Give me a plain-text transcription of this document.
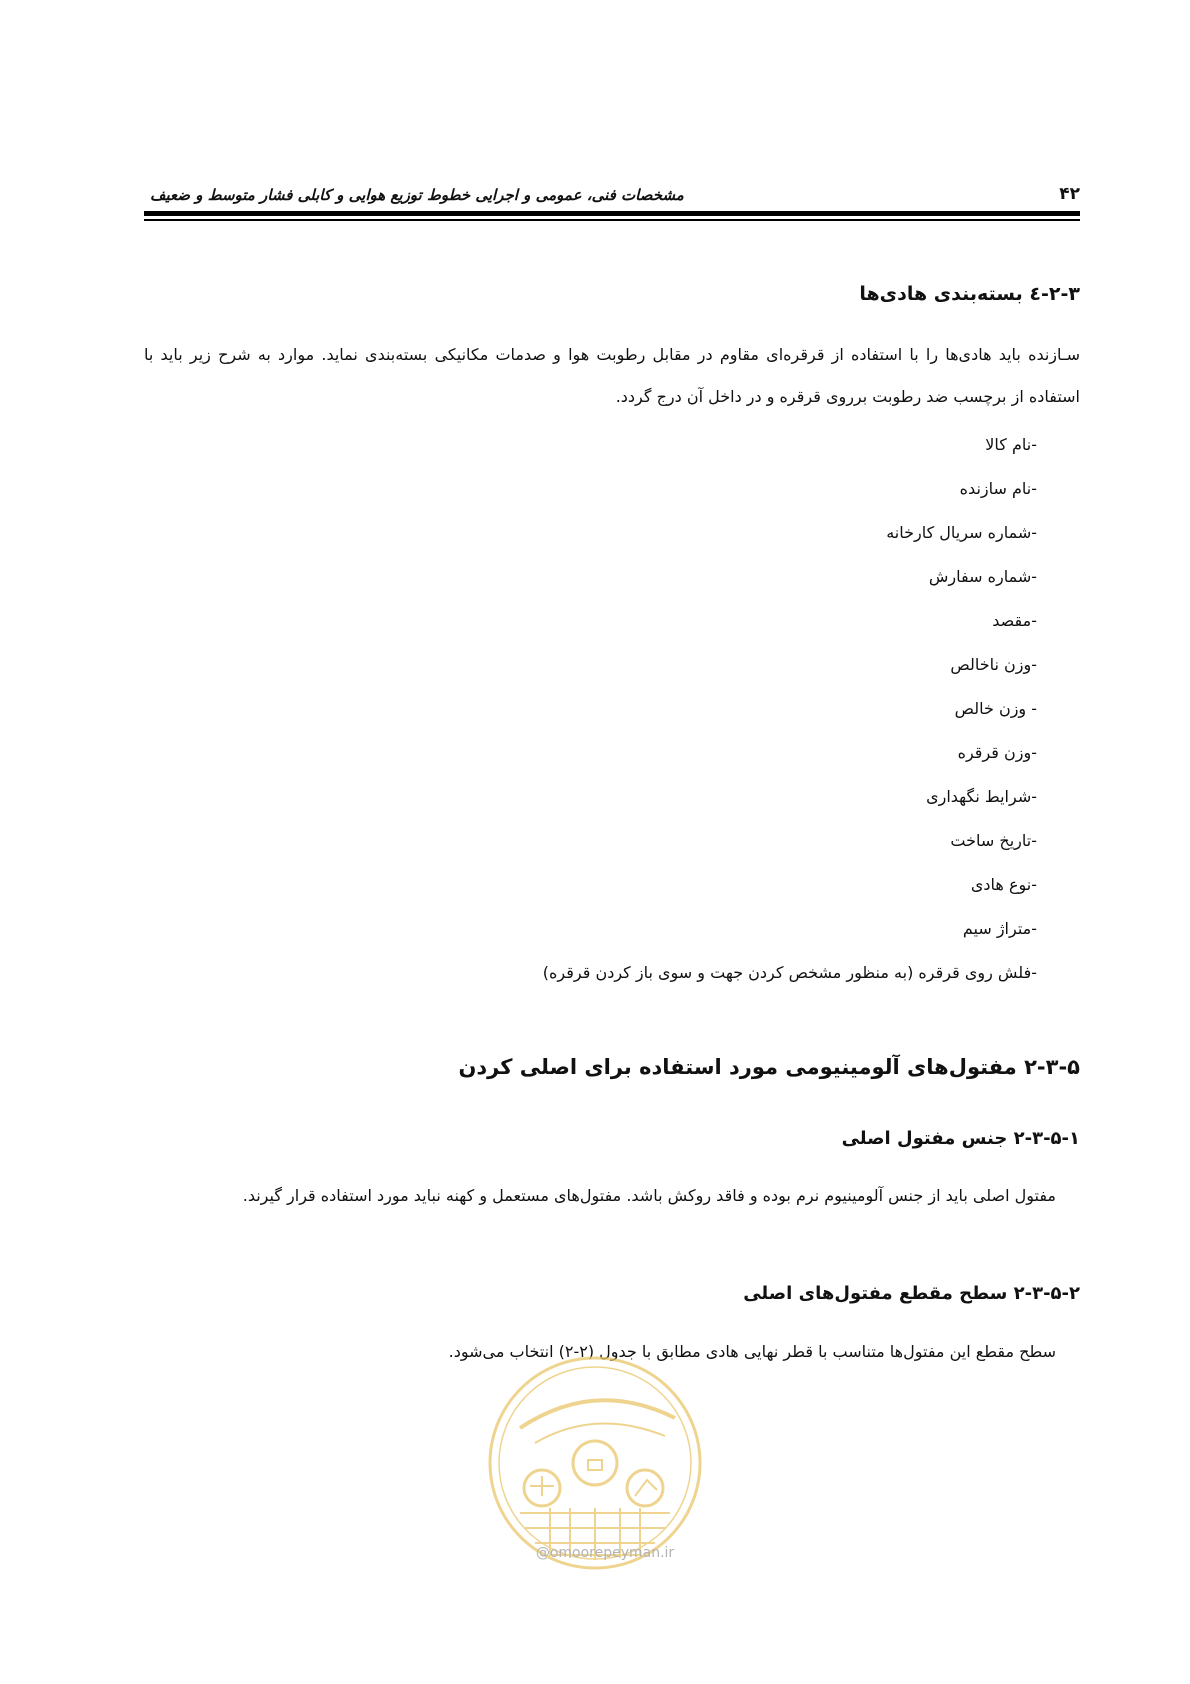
مشخصات فنی، عمومی و اجرایی خطوط توزیع هوایی و کابلی فشار متوسط و ضعیف	۴۲
۲-۳-٤ بسته‌بندی هادی‌ها
سـازنده باید هادی‌ها را با استفاده از قرقره‌ای مقاوم در مقابل رطوبت هوا و صدمات مکانیکی بسته‌بندی نماید. موارد به شرح زیر باید با استفاده از برچسب ضد رطوبت برروی قرقره و در داخل آن درج گردد.
-نام کالا
-نام سازنده
-شماره سریال کارخانه
-شماره سفارش
-مقصد
-وزن ناخالص
- وزن خالص
-وزن قرقره
-شرایط نگهداری
-تاریخ ساخت
-نوع هادی
-متراژ سیم
-فلش روی قرقره (به منظور مشخص کردن جهت و سوی باز کردن قرقره)
۲-۳-۵ مفتول‌های آلومینیومی مورد استفاده برای اصلی کردن
۲-۳-۵-۱ جنس مفتول اصلی
مفتول اصلی باید از جنس آلومینیوم نرم بوده و فاقد روکش باشد. مفتول‌های مستعمل و کهنه نباید مورد استفاده قرار گیرند.
۲-۳-۵-۲ سطح مقطع مفتول‌های اصلی
سطح مقطع این مفتول‌ها متناسب با قطر نهایی هادی مطابق با جدول (۲-۲) انتخاب می‌شود.
@omoorepeyman.ir
